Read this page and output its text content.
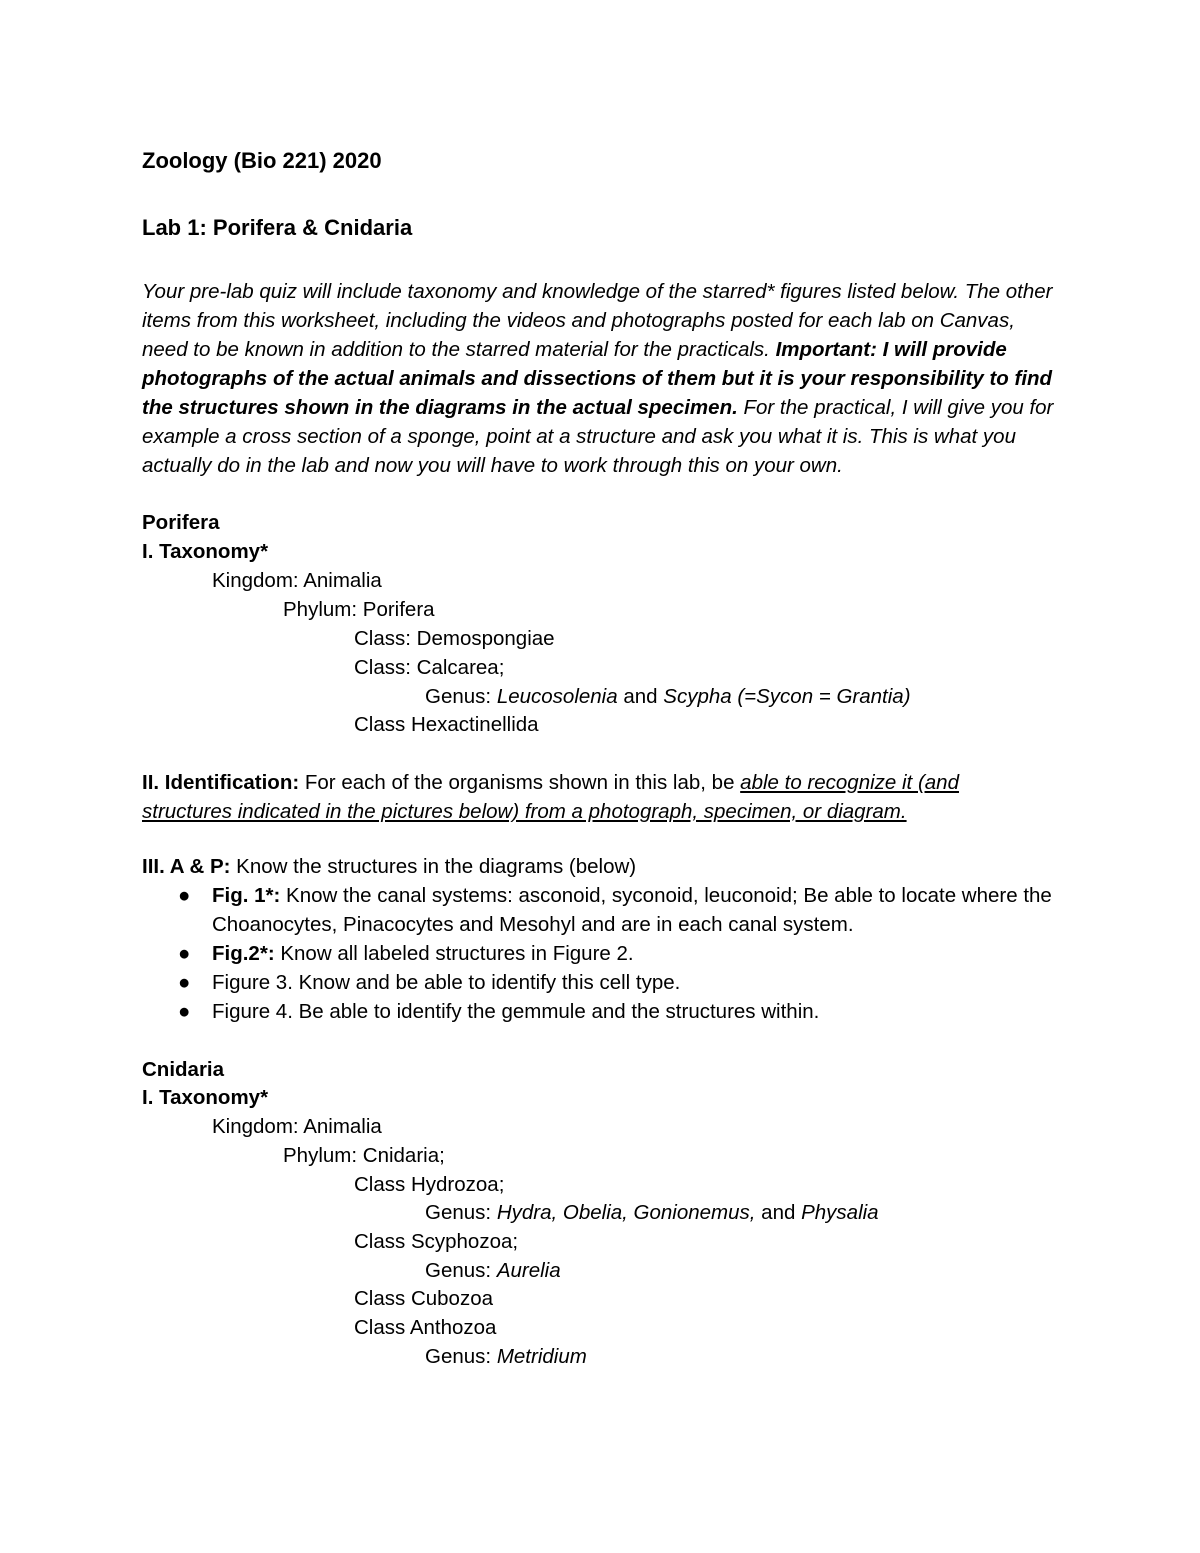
Zoology (Bio 221) 2020
Lab 1: Porifera & Cnidaria

Your pre-lab quiz will include taxonomy and knowledge of the starred* figures listed below. The other items from this worksheet, including the videos and photographs posted for each lab on Canvas, need to be known in addition to the starred material for the practicals. Important: I will provide photographs of the actual animals and dissections of them but it is your responsibility to find the structures shown in the diagrams in the actual specimen. For the practical, I will give you for example a cross section of a sponge, point at a structure and ask you what it is. This is what you actually do in the lab and now you will have to work through this on your own.

Porifera
I. Taxonomy*
Kingdom: Animalia
Phylum: Porifera
Class: Demospongiae
Class: Calcarea;
Genus: Leucosolenia and Scypha (=Sycon = Grantia)
Class Hexactinellida
II. Identification: For each of the organisms shown in this lab, be able to recognize it (and
structures indicated in the pictures below) from a photograph, specimen, or diagram.
III. A & P: Know the structures in the diagrams (below)
● Fig. 1*: Know the canal systems: asconoid, syconoid, leuconoid; Be able to locate where the Choanocytes, Pinacocytes and Mesohyl and are in each canal system.
● Fig.2*: Know all labeled structures in Figure 2.
● Figure 3. Know and be able to identify this cell type.
● Figure 4. Be able to identify the gemmule and the structures within.
Cnidaria
I. Taxonomy*
Kingdom: Animalia
Phylum: Cnidaria;
Class Hydrozoa;
Genus: Hydra, Obelia, Gonionemus, and Physalia
Class Scyphozoa;
Genus: Aurelia
Class Cubozoa
Class Anthozoa
Genus: Metridium
